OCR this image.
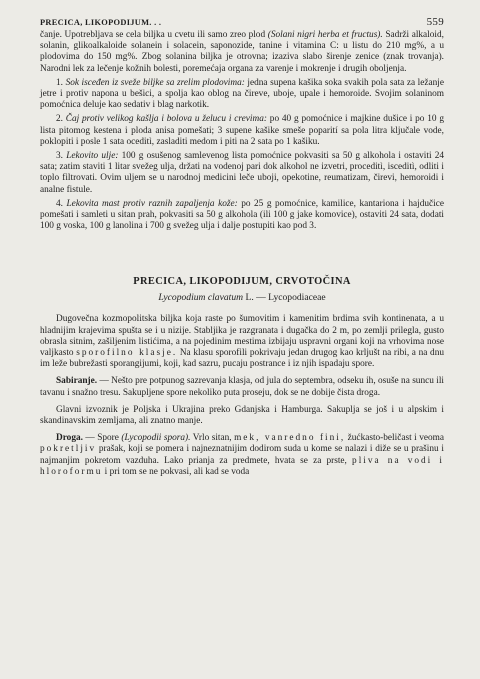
PRECICA, LIKOPODIJUM. . .	559

čanje. Upotrebljava se cela biljka u cvetu ili samo zreo plod (Solani nigri herba et fructus). Sadrži alkaloid, solanin, glikoalkaloide solanein i solacein, saponozide, tanine i vitamina C: u listu do 210 mg%, a u plodovima do 150 mg%. Zbog solanina biljka je otrovna; izaziva slabo širenje zenice (znak trovanja). Narodni lek za lečenje kožnih bolesti, poremećaja organa za varenje i mokrenje i drugih oboljenja.

1. Sok isceđen iz sveže biljke sa zrelim plodovima: jedna supena kašika soka svakih pola sata za ležanje jetre i protiv napona u bešici, a spolja kao oblog na čireve, uboje, upale i hemoroide. Svojim solaninom pomoćnica deluje kao sedativ i blag narkotik.

2. Čaj protiv velikog kašlja i bolova u želucu i crevima: po 40 g pomoćnice i majkine dušice i po 10 g lista pitomog kestena i ploda anisa pomešati; 3 supene kašike smeše poparití sa pola litra ključale vode, poklopiti i posle 1 sata oceditì, zasladiti medom i piti na 2 sata po 1 kašiku.

3. Lekovito ulje: 100 g osušenog samlevenog lista pomoćnice pokvasiti sa 50 g alkohola i ostaviti 24 sata; zatim staviti 1 litar svežeg ulja, držati na vodenoj pari dok alkohol ne izvetri, proceditì, isceditì, odliti i toplo filtrovati. Ovim uljem se u narodnoj medicini leče uboji, opekotine, reumatizam, čirevi, hemoroidi i analne fistule.

4. Lekovita mast protiv raznih zapaljenja kože: po 25 g pomoćnice, kamilice, kantariona i hajdučice pomešati i samleti u sitan prah, pokvasiti sa 50 g alkohola (ili 100 g jake komovice), ostaviti 24 sata, dodati 100 g voska, 100 g lanolina i 700 g svežeg ulja i dalje postupiti kao pod 3.

PRECICA, LIKOPODIJUM, CRVOTOČINA
Lycopodium clavatum L. — Lycopodiaceae

Dugovečna kozmopolitska biljka koja raste po šumovitim i kamenitim brdima svih kontinenata, a u hladnijim krajevima spušta se i u nizije. Stabljika je razgranata i dugačka do 2 m, po zemlji prilegla, gusto obrasla sitnim, zašiljenim listićima, a na pojedinim mestima izbijaju uspravni organi koji na vrhovima nose valjkasto sporofilno klasje. Na klasu sporofili pokrivaju jedan drugog kao krljušt na ribi, a na dnu im leže bubrežasti sporangijumi, koji, kad sazru, pucaju postrance i iz njih ispadaju spore.

Sabiranje. — Nešto pre potpunog sazrevanja klasja, od jula do septembra, odseku ih, osuše na suncu ili tavanu i snažno tresu. Sakupljene spore nekoliko puta proseju, dok se ne dobije čista droga.

Glavni izvoznik je Poljska i Ukrajina preko Gdanjska i Hamburga. Sakuplja se još i u alpskim i skandinavskim zemljama, ali znatno manje.

Droga. — Spore (Lycopodii spora). Vrlo sitan, mek, vanredno fini, žućkasto-beličast i veoma pokretljiv prašak, koji se pomera i najneznatnijim dodirom suda u kome se nalazi i diže se u prašinu i najmanjim pokretom vazduha. Lako prianja za predmete, hvata se za prste, pliva na vodi i hloroformu i pri tom se ne pokvasi, ali kad se voda
